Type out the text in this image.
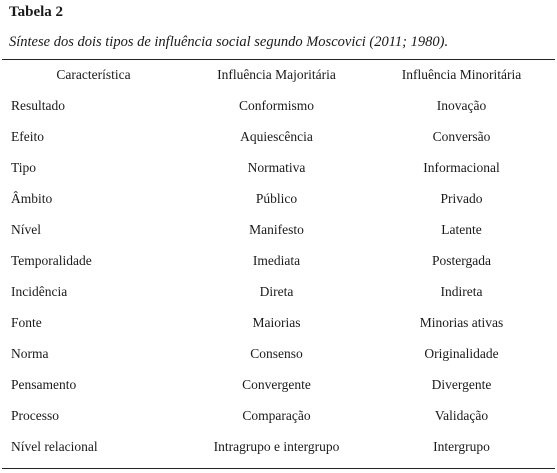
Tabela 2
Síntese dos dois tipos de influência social segundo Moscovici (2011; 1980).
Característica	Influência Majoritária	Influência Minoritária
Resultado	Conformismo	Inovação
Efeito	Aquiescência	Conversão
Tipo	Normativa	Informacional
Âmbito	Público	Privado
Nível	Manifesto	Latente
Temporalidade	Imediata	Postergada
Incidência	Direta	Indireta
Fonte	Maiorias	Minorias ativas
Norma	Consenso	Originalidade
Pensamento	Convergente	Divergente
Processo	Comparação	Validação
Nível relacional	Intragrupo e intergrupo	Intergrupo
